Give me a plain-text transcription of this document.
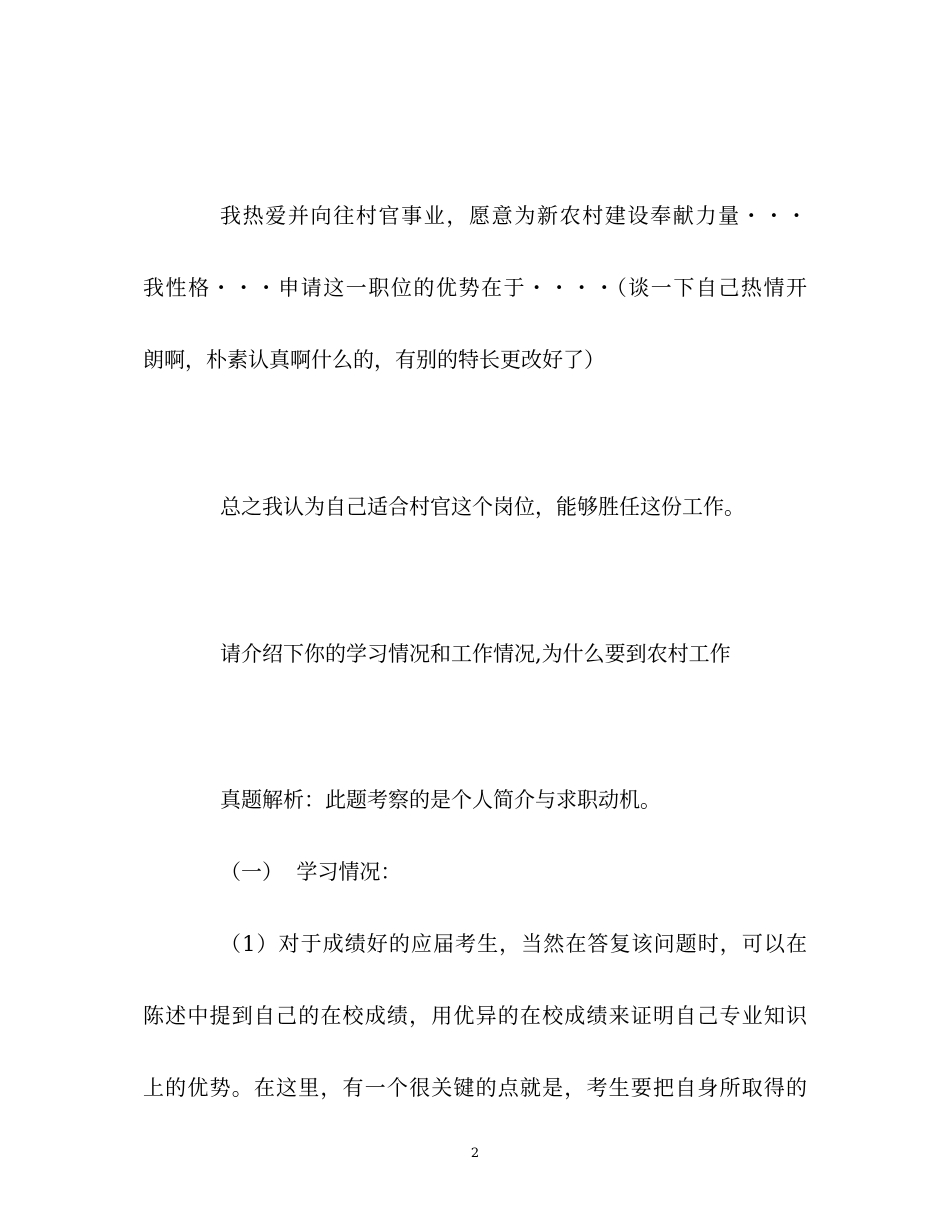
我热爱并向往村官事业，愿意为新农村建设奉献力量・・・
我性格・・・申请这一职位的优势在于・・・・（谈一下自己热情开
朗啊，朴素认真啊什么的，有别的特长更改好了）
总之我认为自己适合村官这个岗位，能够胜任这份工作。
请介绍下你的学习情况和工作情况,为什么要到农村工作
真题解析：此题考察的是个人简介与求职动机。
（一）  学习情况：
（1）对于成绩好的应届考生，当然在答复该问题时，可以在
陈述中提到自己的在校成绩，用优异的在校成绩来证明自己专业知识
上的优势。在这里，有一个很关键的点就是，考生要把自身所取得的
2
